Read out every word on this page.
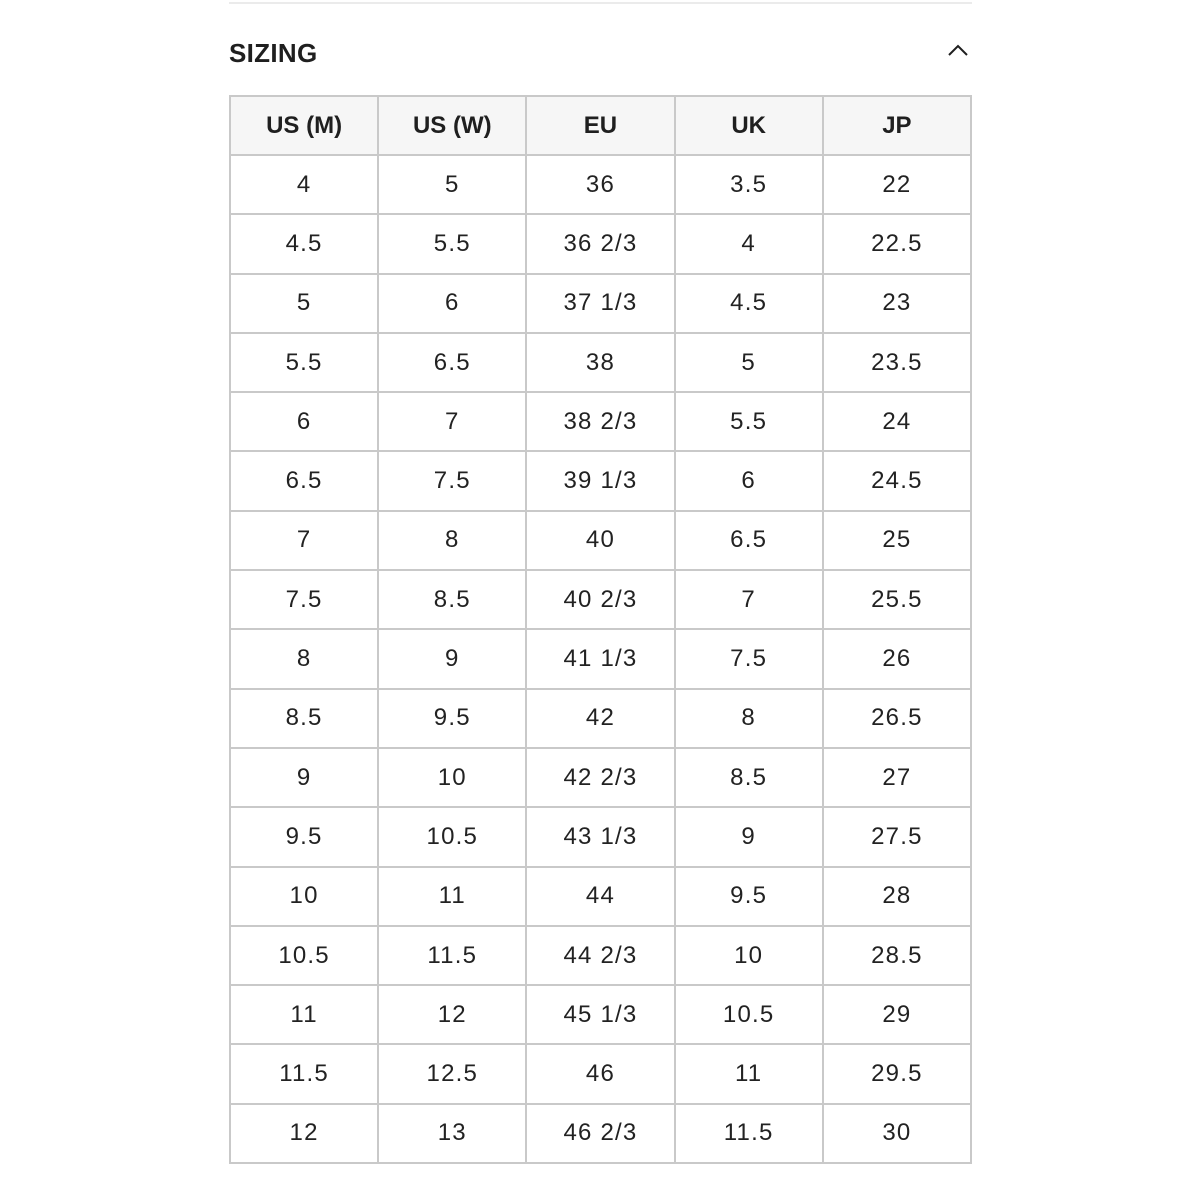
SIZING
US (M)	US (W)	EU	UK	JP
4	5	36	3.5	22
4.5	5.5	36 2/3	4	22.5
5	6	37 1/3	4.5	23
5.5	6.5	38	5	23.5
6	7	38 2/3	5.5	24
6.5	7.5	39 1/3	6	24.5
7	8	40	6.5	25
7.5	8.5	40 2/3	7	25.5
8	9	41 1/3	7.5	26
8.5	9.5	42	8	26.5
9	10	42 2/3	8.5	27
9.5	10.5	43 1/3	9	27.5
10	11	44	9.5	28
10.5	11.5	44 2/3	10	28.5
11	12	45 1/3	10.5	29
11.5	12.5	46	11	29.5
12	13	46 2/3	11.5	30
